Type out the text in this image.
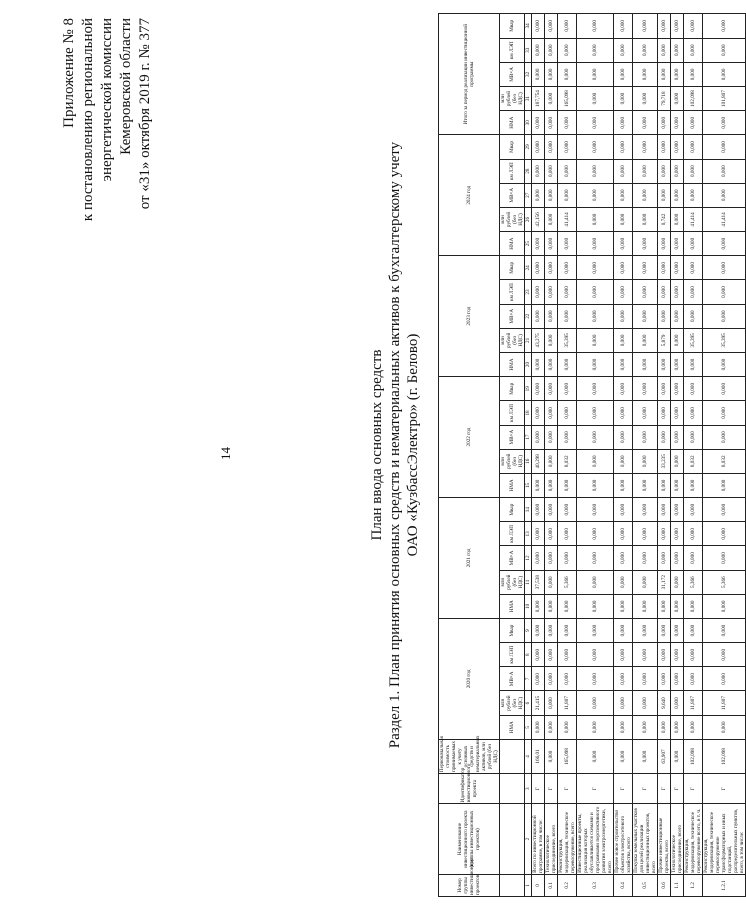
Приложение № 8 к постановлению региональной энергетической комиссии Кемеровской области от «31» октября 2019 г. № 377
14	План ввода основных средств Раздел 1. План принятия основных средств и нематериальных активов к бухгалтерскому учету ОАО «КузбассЭлектро» (г. Белово)
Номер группы инвестиционных проектов	Наименование инвестиционного проекта (группы инвестиционных проектов)	Идентификатор инвестиционного проекта	Первоначальная стоимость принимаемых к учету основных средств и нематериальных активов, млн рублей (без НДС)	2020 год					2021 год					2022 год					2023 год					2024 год					Итого за период реализации инвестиционной программы				
				НМА	млн рублей (без НДС)	МВ×А	км ЛЭП	Мвар	НМА	млн рублей (без НДС)	МВ×А	км ЛЭП	Мвар	НМА	млн рублей (без НДС)	МВ×А	км ЛЭП	Мвар	НМА	млн рублей (без НДС)	МВ×А	км ЛЭП	Мвар	НМА	млн рублей (без НДС)	МВ×А	км ЛЭП	Мвар	НМА	млн рублей (без НДС)	МВ×А	км ЛЭП	Мвар
1	2	3	4	5	6	7	8	9	10	11	12	13	14	15	16	17	18	19	20	21	22	23	24	25	26	27	28	29	30	31	32	33	34
0	Всего по инвестиционной программе, в том числе:	Г	166,01	0,000	21,415	0,000	0,000	0,000	0,000	37,538	0,000	0,000	0,000	0,000	40,298	0,000	0,000	0,000	0,000	43,275	0,000	0,000	0,000	0,000	42,156	0,000	0,000	0,000	0,000	187,754	0,000	0,000	0,000
0.1	Технологическое присоединение, всего	Г	0,000	0,000	0,000	0,000	0,000	0,000	0,000	0,000	0,000	0,000	0,000	0,000	0,000	0,000	0,000	0,000	0,000	0,000	0,000	0,000	0,000	0,000	0,000	0,000	0,000	0,000	0,000	0,000	0,000	0,000	0,000
0.2	Реконструкция, модернизация, техническое перевооружение, всего	Г	165,098	0,000	11,807	0,000	0,000	0,000	0,000	5,366	0,000	0,000	0,000	0,000	8,032	0,000	0,000	0,000	0,000	35,395	0,000	0,000	0,000	0,000	41,414	0,000	0,000	0,000	0,000	165,098	0,000	0,000	0,000
0.3	Инвестиционные проекты, реализация которых обуславливается схемами и программами перспективного развития электроэнергетики, всего	Г	0,000	0,000	0,000	0,000	0,000	0,000	0,000	0,000	0,000	0,000	0,000	0,000	0,000	0,000	0,000	0,000	0,000	0,000	0,000	0,000	0,000	0,000	0,000	0,000	0,000	0,000	0,000	0,000	0,000	0,000	0,000
0.4	Прочее новое строительство объектов электросетевого хозяйства, всего	Г	0,000	0,000	0,000	0,000	0,000	0,000	0,000	0,000	0,000	0,000	0,000	0,000	0,000	0,000	0,000	0,000	0,000	0,000	0,000	0,000	0,000	0,000	0,000	0,000	0,000	0,000	0,000	0,000	0,000	0,000	0,000
0.5	Покупка земельных участков для целей реализации инвестиционных проектов, всего	Г	0,000	0,000	0,000	0,000	0,000	0,000	0,000	0,000	0,000	0,000	0,000	0,000	0,000	0,000	0,000	0,000	0,000	0,000	0,000	0,000	0,000	0,000	0,000	0,000	0,000	0,000	0,000	0,000	0,000	0,000	0,000
0.6	Прочие инвестиционные проекты, всего	Г	63,907	0,000	9,640	0,000	0,000	0,000	0,000	31,172	0,000	0,000	0,000	0,000	33,235	0,000	0,000	0,000	0,000	5,879	0,000	0,000	0,000	0,000	0,742	0,000	0,000	0,000	0,000	79,718	0,000	0,000	0,000
1.1	Технологическое присоединение, всего	Г	0,000	0,000	0,000	0,000	0,000	0,000	0,000	0,000	0,000	0,000	0,000	0,000	0,000	0,000	0,000	0,000	0,000	0,000	0,000	0,000	0,000	0,000	0,000	0,000	0,000	0,000	0,000	0,000	0,000	0,000	0,000
1.2	Реконструкция, модернизация, техническое перевооружение всего, в т. ч.	Г	102,098	0,000	11,807	0,000	0,000	0,000	0,000	5,366	0,000	0,000	0,000	0,000	8,032	0,000	0,000	0,000	0,000	35,395	0,000	0,000	0,000	0,000	41,414	0,000	0,000	0,000	0,000	102,098	0,000	0,000	0,000
1.2.1	Реконструкция, модернизация, техническое перевооружение трансформаторных и иных подстанций, распределительных пунктов, всего, в том числе:	Г	102,098	0,000	11,807	0,000	0,000	0,000	0,000	5,366	0,000	0,000	0,000	0,000	8,032	0,000	0,000	0,000	0,000	35,395	0,000	0,000	0,000	0,000	41,414	0,000	0,000	0,000	0,000	101,807	0,000	0,000	0,000
